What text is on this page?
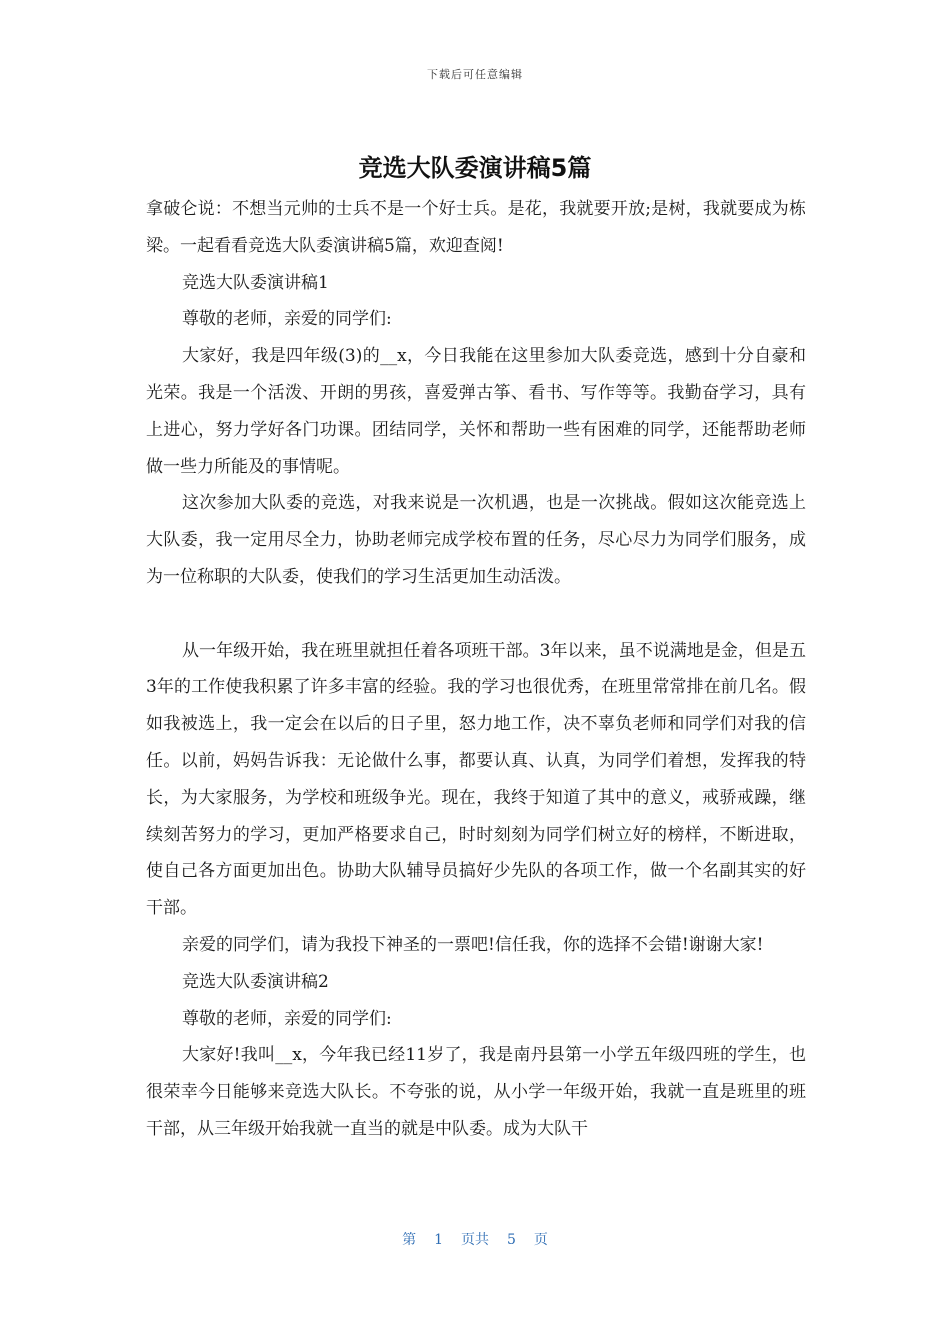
下载后可任意编辑
竞选大队委演讲稿5篇

拿破仑说：不想当元帅的士兵不是一个好士兵。是花，我就要开放;是树，我就要成为栋梁。一起看看竞选大队委演讲稿5篇，欢迎查阅!

竞选大队委演讲稿1

尊敬的老师，亲爱的同学们:

大家好，我是四年级(3)的__x，今日我能在这里参加大队委竞选，感到十分自豪和光荣。我是一个活泼、开朗的男孩，喜爱弹古筝、看书、写作等等。我勤奋学习，具有上进心，努力学好各门功课。团结同学，关怀和帮助一些有困难的同学，还能帮助老师做一些力所能及的事情呢。

这次参加大队委的竞选，对我来说是一次机遇，也是一次挑战。假如这次能竞选上大队委，我一定用尽全力，协助老师完成学校布置的任务，尽心尽力为同学们服务，成为一位称职的大队委，使我们的学习生活更加生动活泼。

从一年级开始，我在班里就担任着各项班干部。3年以来，虽不说满地是金，但是五3年的工作使我积累了许多丰富的经验。我的学习也很优秀，在班里常常排在前几名。假如我被选上，我一定会在以后的日子里，怒力地工作，决不辜负老师和同学们对我的信任。以前，妈妈告诉我：无论做什么事，都要认真、认真，为同学们着想，发挥我的特长，为大家服务，为学校和班级争光。现在，我终于知道了其中的意义，戒骄戒躁，继续刻苦努力的学习，更加严格要求自己，时时刻刻为同学们树立好的榜样，不断进取，使自己各方面更加出色。协助大队辅导员搞好少先队的各项工作，做一个名副其实的好干部。

亲爱的同学们，请为我投下神圣的一票吧!信任我，你的选择不会错!谢谢大家!

竞选大队委演讲稿2

尊敬的老师，亲爱的同学们:

大家好!我叫__x，今年我已经11岁了，我是南丹县第一小学五年级四班的学生，也很荣幸今日能够来竞选大队长。不夸张的说，从小学一年级开始，我就一直是班里的班干部，从三年级开始我就一直当的就是中队委。成为大队干

第 1 页共 5 页
